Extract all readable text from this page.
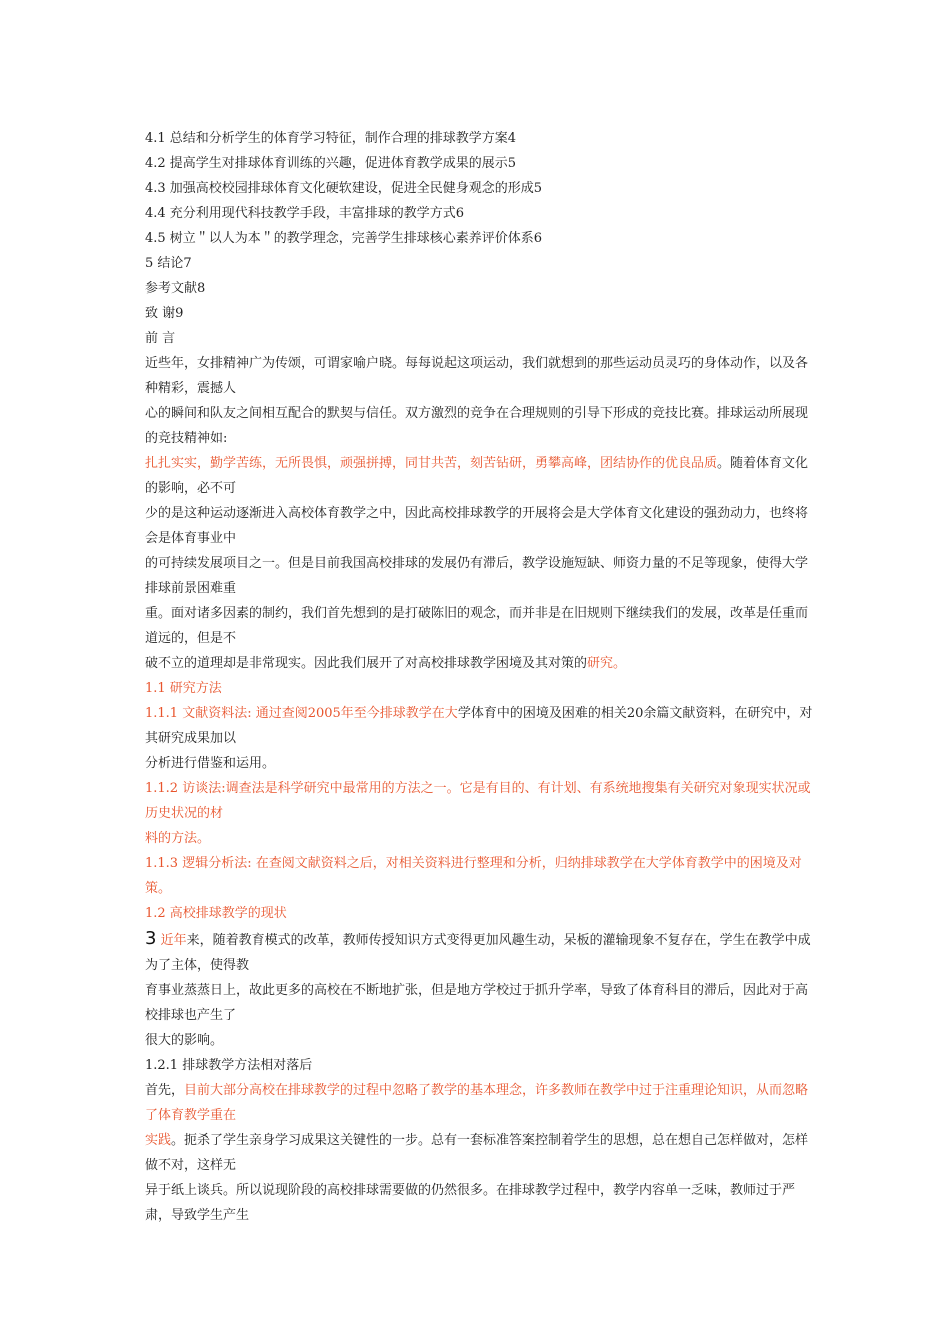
4.1 总结和分析学生的体育学习特征，制作合理的排球教学方案4
4.2 提高学生对排球体育训练的兴趣，促进体育教学成果的展示5
4.3 加强高校校园排球体育文化硬软建设，促进全民健身观念的形成5
4.4 充分利用现代科技教学手段，丰富排球的教学方式6
4.5 树立＂以人为本＂的教学理念，完善学生排球核心素养评价体系6
5 结论7
参考文献8
致 谢9
前 言
近些年，女排精神广为传颂，可谓家喻户晓。每每说起这项运动，我们就想到的那些运动员灵巧的身体动作，以及各种精彩，震撼人
心的瞬间和队友之间相互配合的默契与信任。双方激烈的竞争在合理规则的引导下形成的竞技比赛。排球运动所展现的竞技精神如:
扎扎实实，勤学苦练，无所畏惧，顽强拼搏，同甘共苦，刻苦钻研，勇攀高峰，团结协作的优良品质。随着体育文化的影响，必不可
少的是这种运动逐渐进入高校体育教学之中，因此高校排球教学的开展将会是大学体育文化建设的强劲动力，也终将会是体育事业中
的可持续发展项目之一。但是目前我国高校排球的发展仍有滞后，教学设施短缺、师资力量的不足等现象，使得大学排球前景困难重
重。面对诸多因素的制约，我们首先想到的是打破陈旧的观念，而并非是在旧规则下继续我们的发展，改革是任重而道远的，但是不
破不立的道理却是非常现实。因此我们展开了对高校排球教学困境及其对策的研究。
1.1 研究方法
1.1.1 文献资料法: 通过查阅2005年至今排球教学在大学体育中的困境及困难的相关20余篇文献资料，在研究中，对其研究成果加以
分析进行借鉴和运用。
1.1.2 访谈法:调查法是科学研究中最常用的方法之一。它是有目的、有计划、有系统地搜集有关研究对象现实状况或历史状况的材
料的方法。
1.1.3 逻辑分析法: 在查阅文献资料之后，对相关资料进行整理和分析，归纳排球教学在大学体育教学中的困境及对策。
1.2 高校排球教学的现状
3 近年来，随着教育模式的改革，教师传授知识方式变得更加风趣生动，呆板的灌输现象不复存在，学生在教学中成为了主体，使得教
育事业蒸蒸日上，故此更多的高校在不断地扩张，但是地方学校过于抓升学率，导致了体育科目的滞后，因此对于高校排球也产生了
很大的影响。
1.2.1 排球教学方法相对落后
首先，目前大部分高校在排球教学的过程中忽略了教学的基本理念，许多教师在教学中过于注重理论知识，从而忽略了体育教学重在
实践。扼杀了学生亲身学习成果这关键性的一步。总有一套标准答案控制着学生的思想，总在想自己怎样做对，怎样做不对，这样无
异于纸上谈兵。所以说现阶段的高校排球需要做的仍然很多。在排球教学过程中，教学内容单一乏味，教师过于严肃，导致学生产生
